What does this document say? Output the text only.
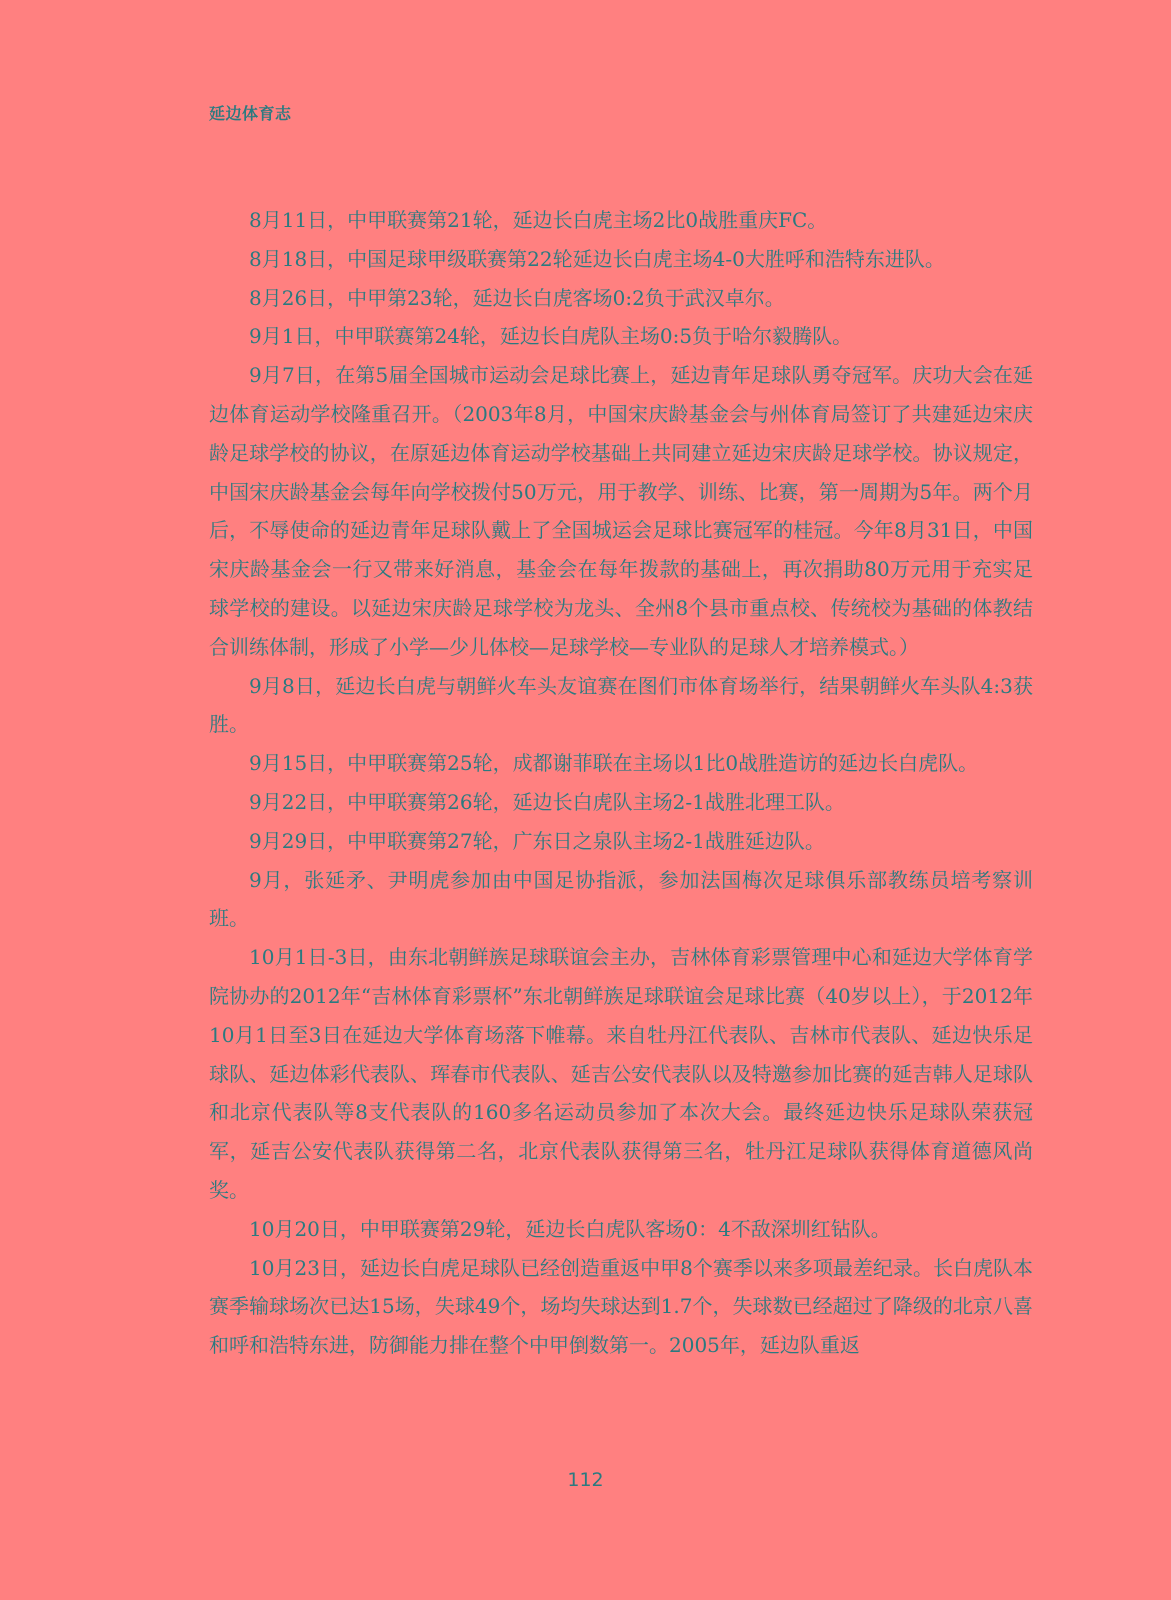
延边体育志

8月11日，中甲联赛第21轮，延边长白虎主场2比0战胜重庆FC。

8月18日，中国足球甲级联赛第22轮延边长白虎主场4-0大胜呼和浩特东进队。

8月26日，中甲第23轮，延边长白虎客场0:2负于武汉卓尔。

9月1日，中甲联赛第24轮，延边长白虎队主场0:5负于哈尔毅腾队。

9月7日，在第5届全国城市运动会足球比赛上，延边青年足球队勇夺冠军。庆功大会在延边体育运动学校隆重召开。（2003年8月，中国宋庆龄基金会与州体育局签订了共建延边宋庆龄足球学校的协议，在原延边体育运动学校基础上共同建立延边宋庆龄足球学校。协议规定，中国宋庆龄基金会每年向学校拨付50万元，用于教学、训练、比赛，第一周期为5年。两个月后，不辱使命的延边青年足球队戴上了全国城运会足球比赛冠军的桂冠。今年8月31日，中国宋庆龄基金会一行又带来好消息，基金会在每年拨款的基础上，再次捐助80万元用于充实足球学校的建设。以延边宋庆龄足球学校为龙头、全州8个县市重点校、传统校为基础的体教结合训练体制，形成了小学—少儿体校—足球学校—专业队的足球人才培养模式。）

9月8日，延边长白虎与朝鲜火车头友谊赛在图们市体育场举行，结果朝鲜火车头队4:3获胜。

9月15日，中甲联赛第25轮，成都谢菲联在主场以1比0战胜造访的延边长白虎队。

9月22日，中甲联赛第26轮，延边长白虎队主场2-1战胜北理工队。

9月29日，中甲联赛第27轮，广东日之泉队主场2-1战胜延边队。

9月，张延矛、尹明虎参加由中国足协指派，参加法国梅次足球俱乐部教练员培考察训班。

10月1日-3日，由东北朝鲜族足球联谊会主办，吉林体育彩票管理中心和延边大学体育学院协办的2012年“吉林体育彩票杯”东北朝鲜族足球联谊会足球比赛（40岁以上），于2012年10月1日至3日在延边大学体育场落下帷幕。来自牡丹江代表队、吉林市代表队、延边快乐足球队、延边体彩代表队、珲春市代表队、延吉公安代表队以及特邀参加比赛的延吉韩人足球队和北京代表队等8支代表队的160多名运动员参加了本次大会。最终延边快乐足球队荣获冠军，延吉公安代表队获得第二名，北京代表队获得第三名，牡丹江足球队获得体育道德风尚奖。

10月20日，中甲联赛第29轮，延边长白虎队客场0：4不敌深圳红钻队。

10月23日，延边长白虎足球队已经创造重返中甲8个赛季以来多项最差纪录。长白虎队本赛季输球场次已达15场，失球49个，场均失球达到1.7个，失球数已经超过了降级的北京八喜和呼和浩特东进，防御能力排在整个中甲倒数第一。2005年，延边队重返

112
